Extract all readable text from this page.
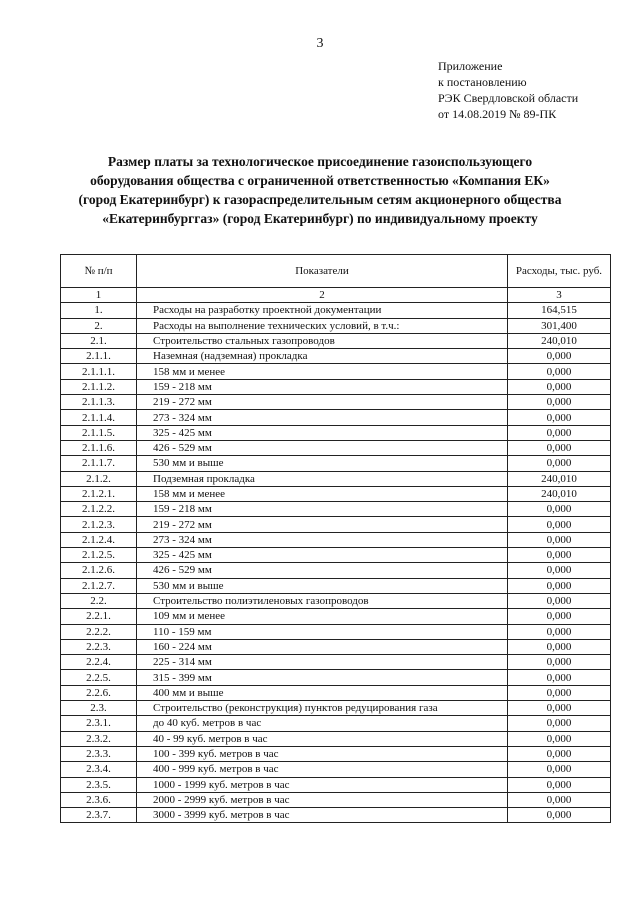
3
Приложение
к постановлению
РЭК Свердловской области
от 14.08.2019 № 89-ПК
Размер платы за технологическое присоединение газоиспользующего
оборудования общества с ограниченной ответственностью «Компания ЕК»
(город Екатеринбург) к газораспределительным сетям акционерного общества
«Екатеринбурггаз» (город Екатеринбург) по индивидуальному проекту
№ п/п	Показатели	Расходы, тыс. руб.
1	2	3
1.	Расходы на разработку проектной документации	164,515
2.	Расходы на выполнение технических условий, в т.ч.:	301,400
2.1.	Строительство стальных газопроводов	240,010
2.1.1.	Наземная (надземная) прокладка	0,000
2.1.1.1.	158 мм и менее	0,000
2.1.1.2.	159 - 218 мм	0,000
2.1.1.3.	219 - 272 мм	0,000
2.1.1.4.	273 - 324 мм	0,000
2.1.1.5.	325 - 425 мм	0,000
2.1.1.6.	426 - 529 мм	0,000
2.1.1.7.	530 мм и выше	0,000
2.1.2.	Подземная прокладка	240,010
2.1.2.1.	158 мм и менее	240,010
2.1.2.2.	159 - 218 мм	0,000
2.1.2.3.	219 - 272 мм	0,000
2.1.2.4.	273 - 324 мм	0,000
2.1.2.5.	325 - 425 мм	0,000
2.1.2.6.	426 - 529 мм	0,000
2.1.2.7.	530 мм и выше	0,000
2.2.	Строительство полиэтиленовых газопроводов	0,000
2.2.1.	109 мм и менее	0,000
2.2.2.	110 - 159 мм	0,000
2.2.3.	160 - 224 мм	0,000
2.2.4.	225 - 314 мм	0,000
2.2.5.	315 - 399 мм	0,000
2.2.6.	400 мм и выше	0,000
2.3.	Строительство (реконструкция) пунктов редуцирования газа	0,000
2.3.1.	до 40 куб. метров в час	0,000
2.3.2.	40 - 99 куб. метров в час	0,000
2.3.3.	100 - 399 куб. метров в час	0,000
2.3.4.	400 - 999 куб. метров в час	0,000
2.3.5.	1000 - 1999 куб. метров в час	0,000
2.3.6.	2000 - 2999 куб. метров в час	0,000
2.3.7.	3000 - 3999 куб. метров в час	0,000
